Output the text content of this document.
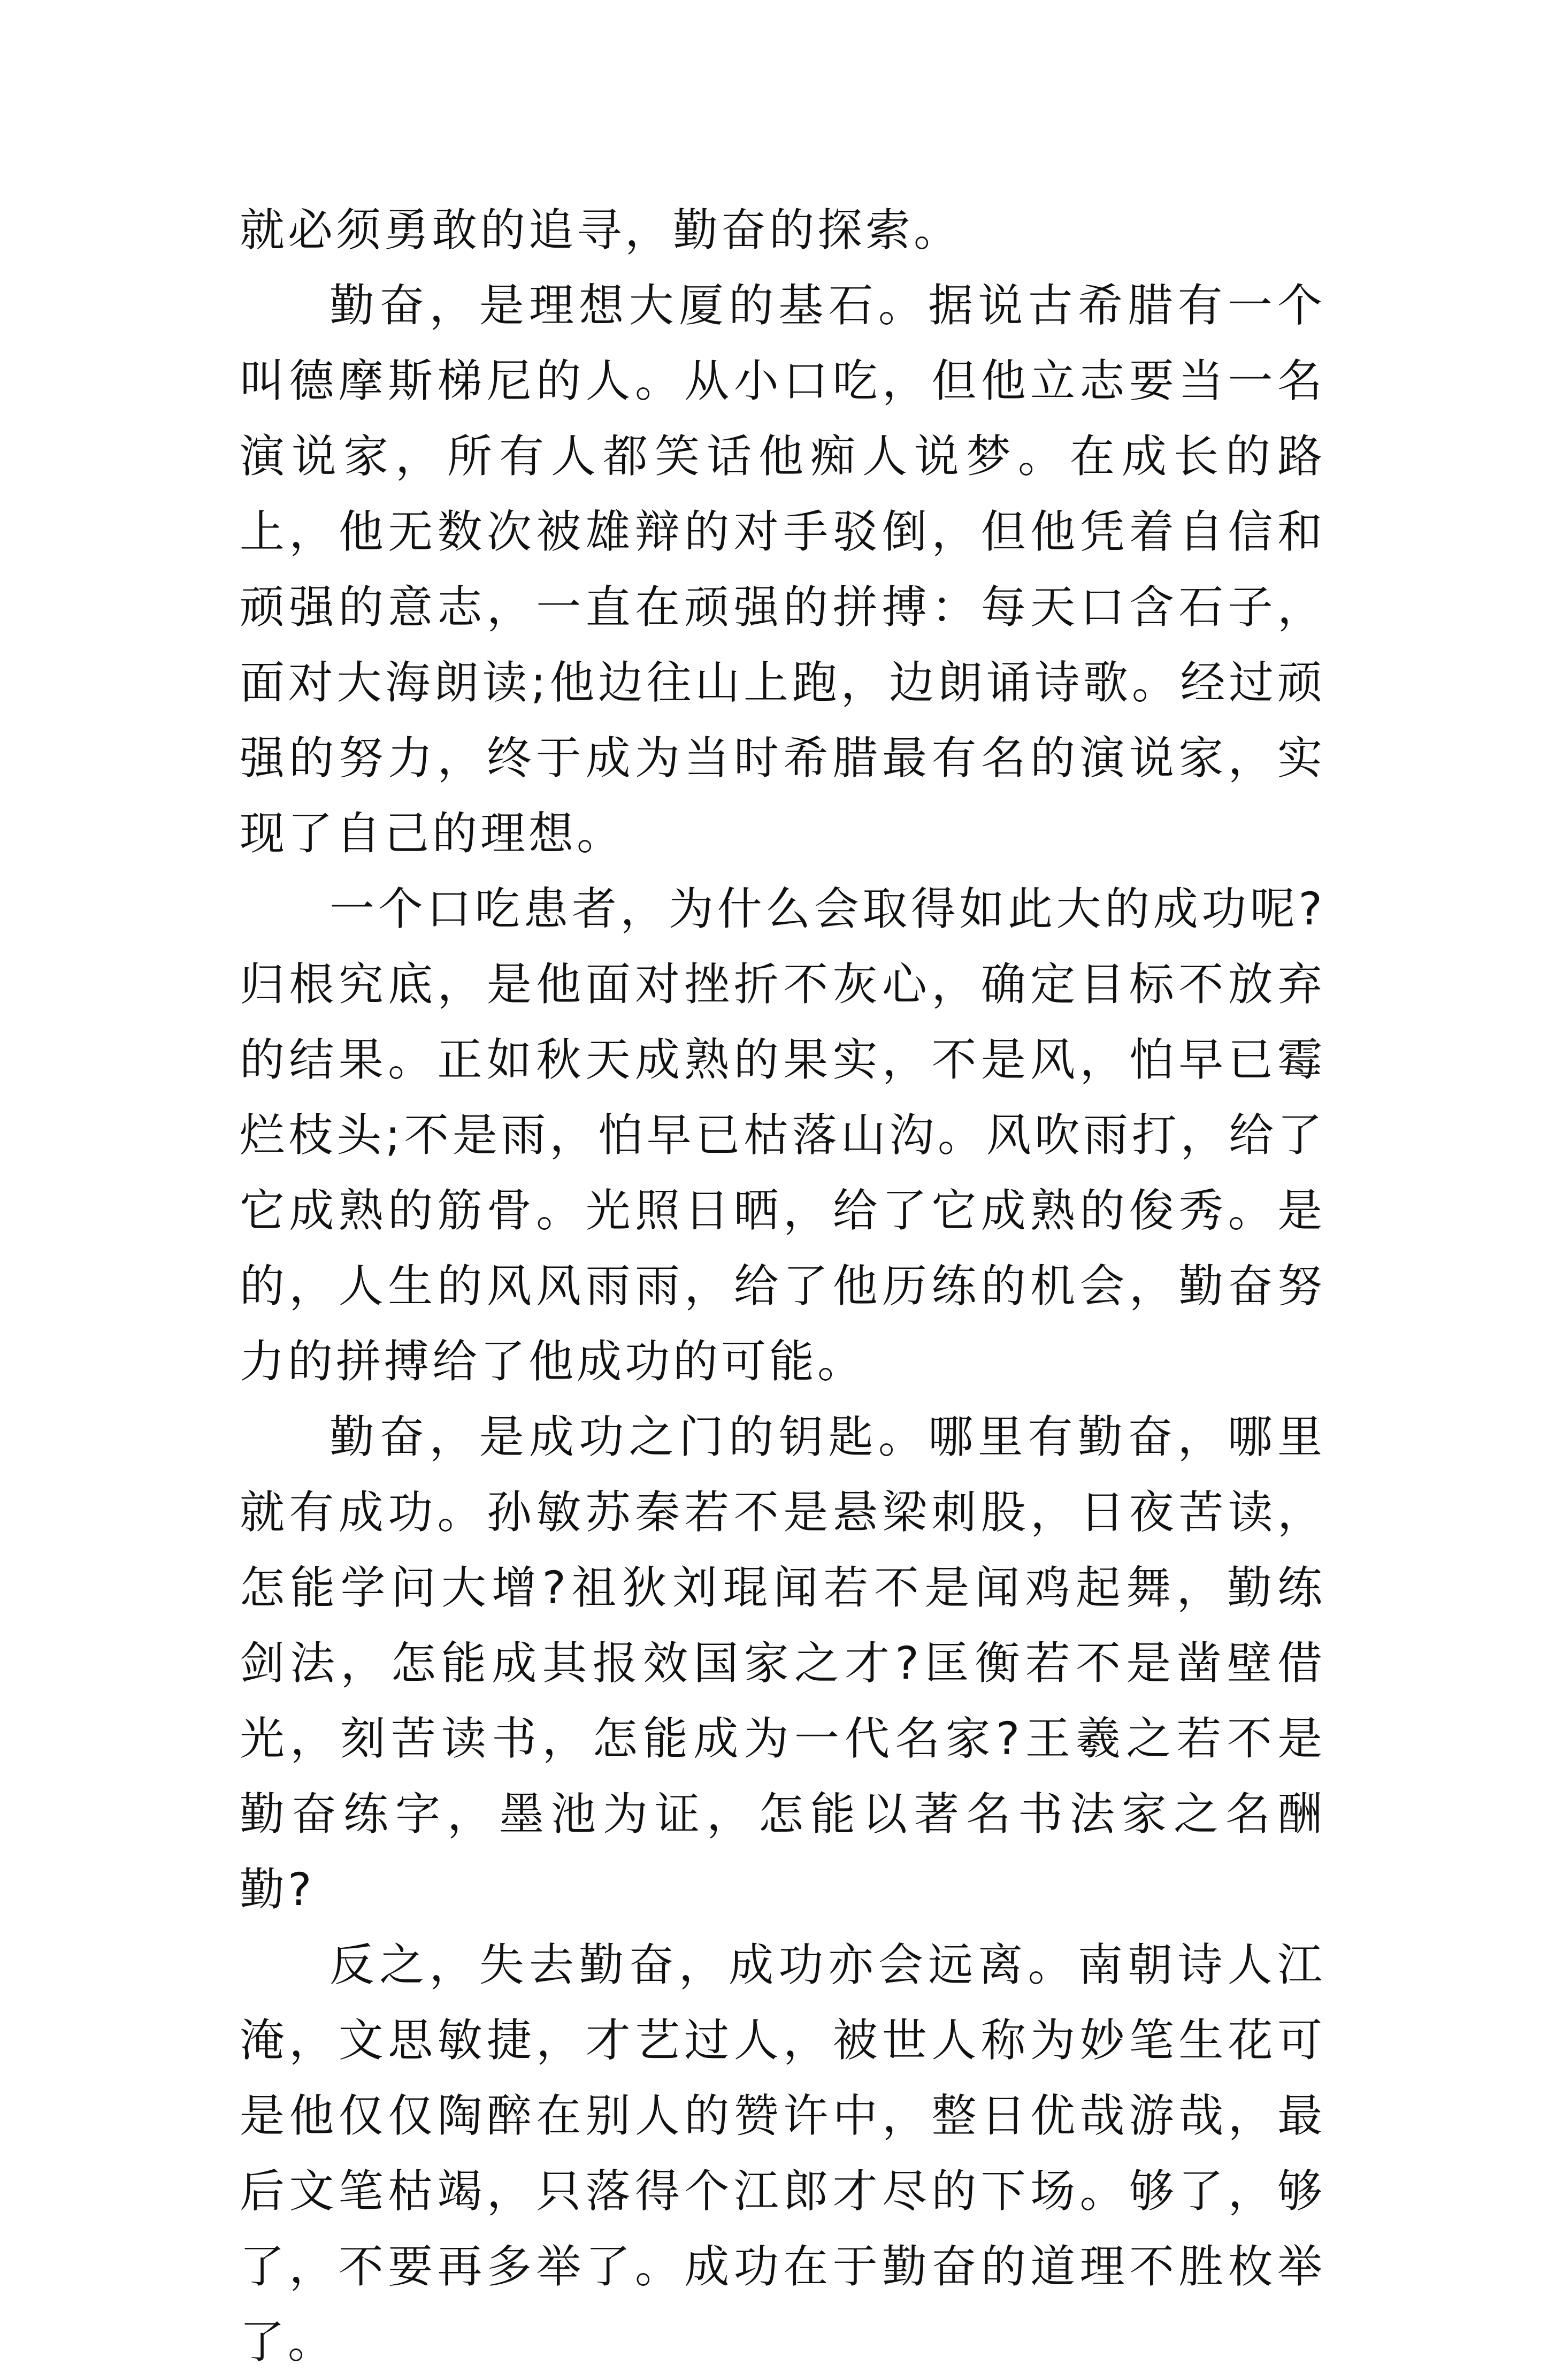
就必须勇敢的追寻，勤奋的探索。

勤奋，是理想大厦的基石。据说古希腊有一个叫德摩斯梯尼的人。从小口吃，但他立志要当一名演说家，所有人都笑话他痴人说梦。在成长的路上，他无数次被雄辩的对手驳倒，但他凭着自信和顽强的意志，一直在顽强的拼搏：每天口含石子，面对大海朗读;他边往山上跑，边朗诵诗歌。经过顽强的努力，终于成为当时希腊最有名的演说家，实现了自己的理想。

一个口吃患者，为什么会取得如此大的成功呢?归根究底，是他面对挫折不灰心，确定目标不放弃的结果。正如秋天成熟的果实，不是风，怕早已霉烂枝头;不是雨，怕早已枯落山沟。风吹雨打，给了它成熟的筋骨。光照日晒，给了它成熟的俊秀。是的，人生的风风雨雨，给了他历练的机会，勤奋努力的拼搏给了他成功的可能。

勤奋，是成功之门的钥匙。哪里有勤奋，哪里就有成功。孙敏苏秦若不是悬梁刺股，日夜苦读，怎能学问大增?祖狄刘琨闻若不是闻鸡起舞，勤练剑法，怎能成其报效国家之才?匡衡若不是凿壁借光，刻苦读书，怎能成为一代名家?王羲之若不是勤奋练字，墨池为证，怎能以著名书法家之名酬勤?

反之，失去勤奋，成功亦会远离。南朝诗人江淹，文思敏捷，才艺过人，被世人称为妙笔生花可是他仅仅陶醉在别人的赞许中，整日优哉游哉，最后文笔枯竭，只落得个江郎才尽的下场。够了，够了，不要再多举了。成功在于勤奋的道理不胜枚举了。
